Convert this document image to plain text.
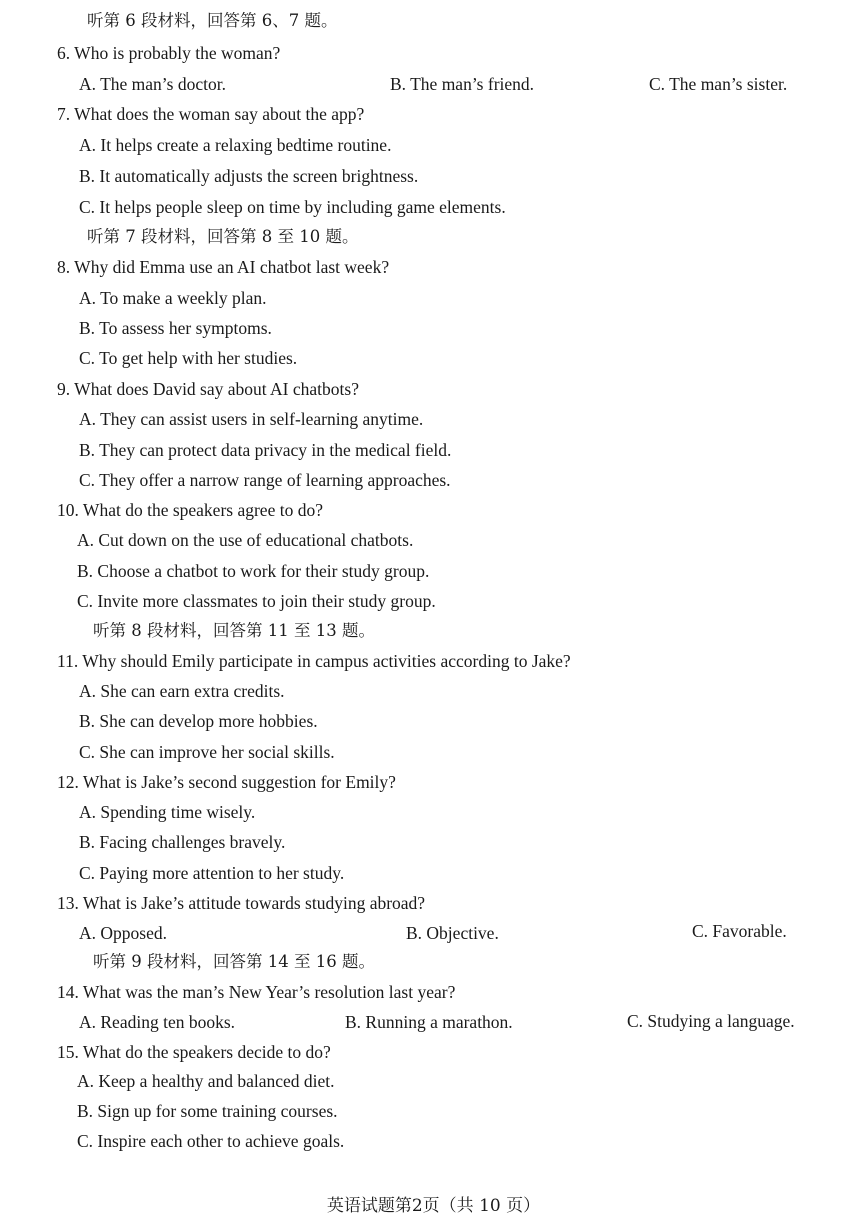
听第 6 段材料，回答第 6、7 题。
6. Who is probably the woman?
A. The man’s doctor.	B. The man’s friend.	C. The man’s sister.
7. What does the woman say about the app?
A. It helps create a relaxing bedtime routine.
B. It automatically adjusts the screen brightness.
C. It helps people sleep on time by including game elements.
听第 7 段材料，回答第 8 至 10 题。
8. Why did Emma use an AI chatbot last week?
A. To make a weekly plan.
B. To assess her symptoms.
C. To get help with her studies.
9. What does David say about AI chatbots?
A. They can assist users in self-learning anytime.
B. They can protect data privacy in the medical field.
C. They offer a narrow range of learning approaches.
10. What do the speakers agree to do?
A. Cut down on the use of educational chatbots.
B. Choose a chatbot to work for their study group.
C. Invite more classmates to join their study group.
听第 8 段材料，回答第 11 至 13 题。
11. Why should Emily participate in campus activities according to Jake?
A. She can earn extra credits.
B. She can develop more hobbies.
C. She can improve her social skills.
12. What is Jake’s second suggestion for Emily?
A. Spending time wisely.
B. Facing challenges bravely.
C. Paying more attention to her study.
13. What is Jake’s attitude towards studying abroad?
A. Opposed.	B. Objective.	C. Favorable.
听第 9 段材料，回答第 14 至 16 题。
14. What was the man’s New Year’s resolution last year?
A. Reading ten books.	B. Running a marathon.	C. Studying a language.
15. What do the speakers decide to do?
A. Keep a healthy and balanced diet.
B. Sign up for some training courses.
C. Inspire each other to achieve goals.
英语试题第2页（共 10 页）
